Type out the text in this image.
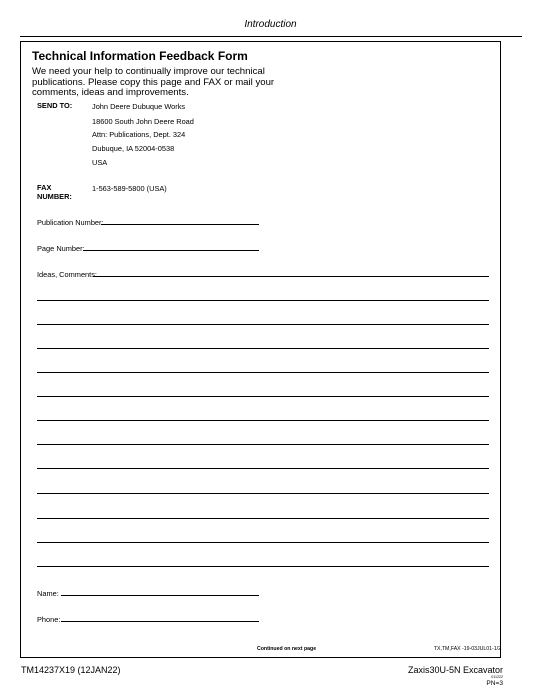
Introduction
Technical Information Feedback Form
We need your help to continually improve our technical
publications. Please copy this page and FAX or mail your
comments, ideas and improvements.
SEND TO:	John Deere Dubuque Works
18600 South John Deere Road
Attn: Publications, Dept. 324
Dubuque, IA 52004-0538
USA
FAX
NUMBER:
1-563-589-5800 (USA)
Publication Number:
Page Number:
Ideas, Comments:
Name:
Phone:
Continued on next page	TX,TM,FAX -19-03JUL01-1/2
TM14237X19 (12JAN22)	Zaxis30U-5N Excavator
011222
PN=3
